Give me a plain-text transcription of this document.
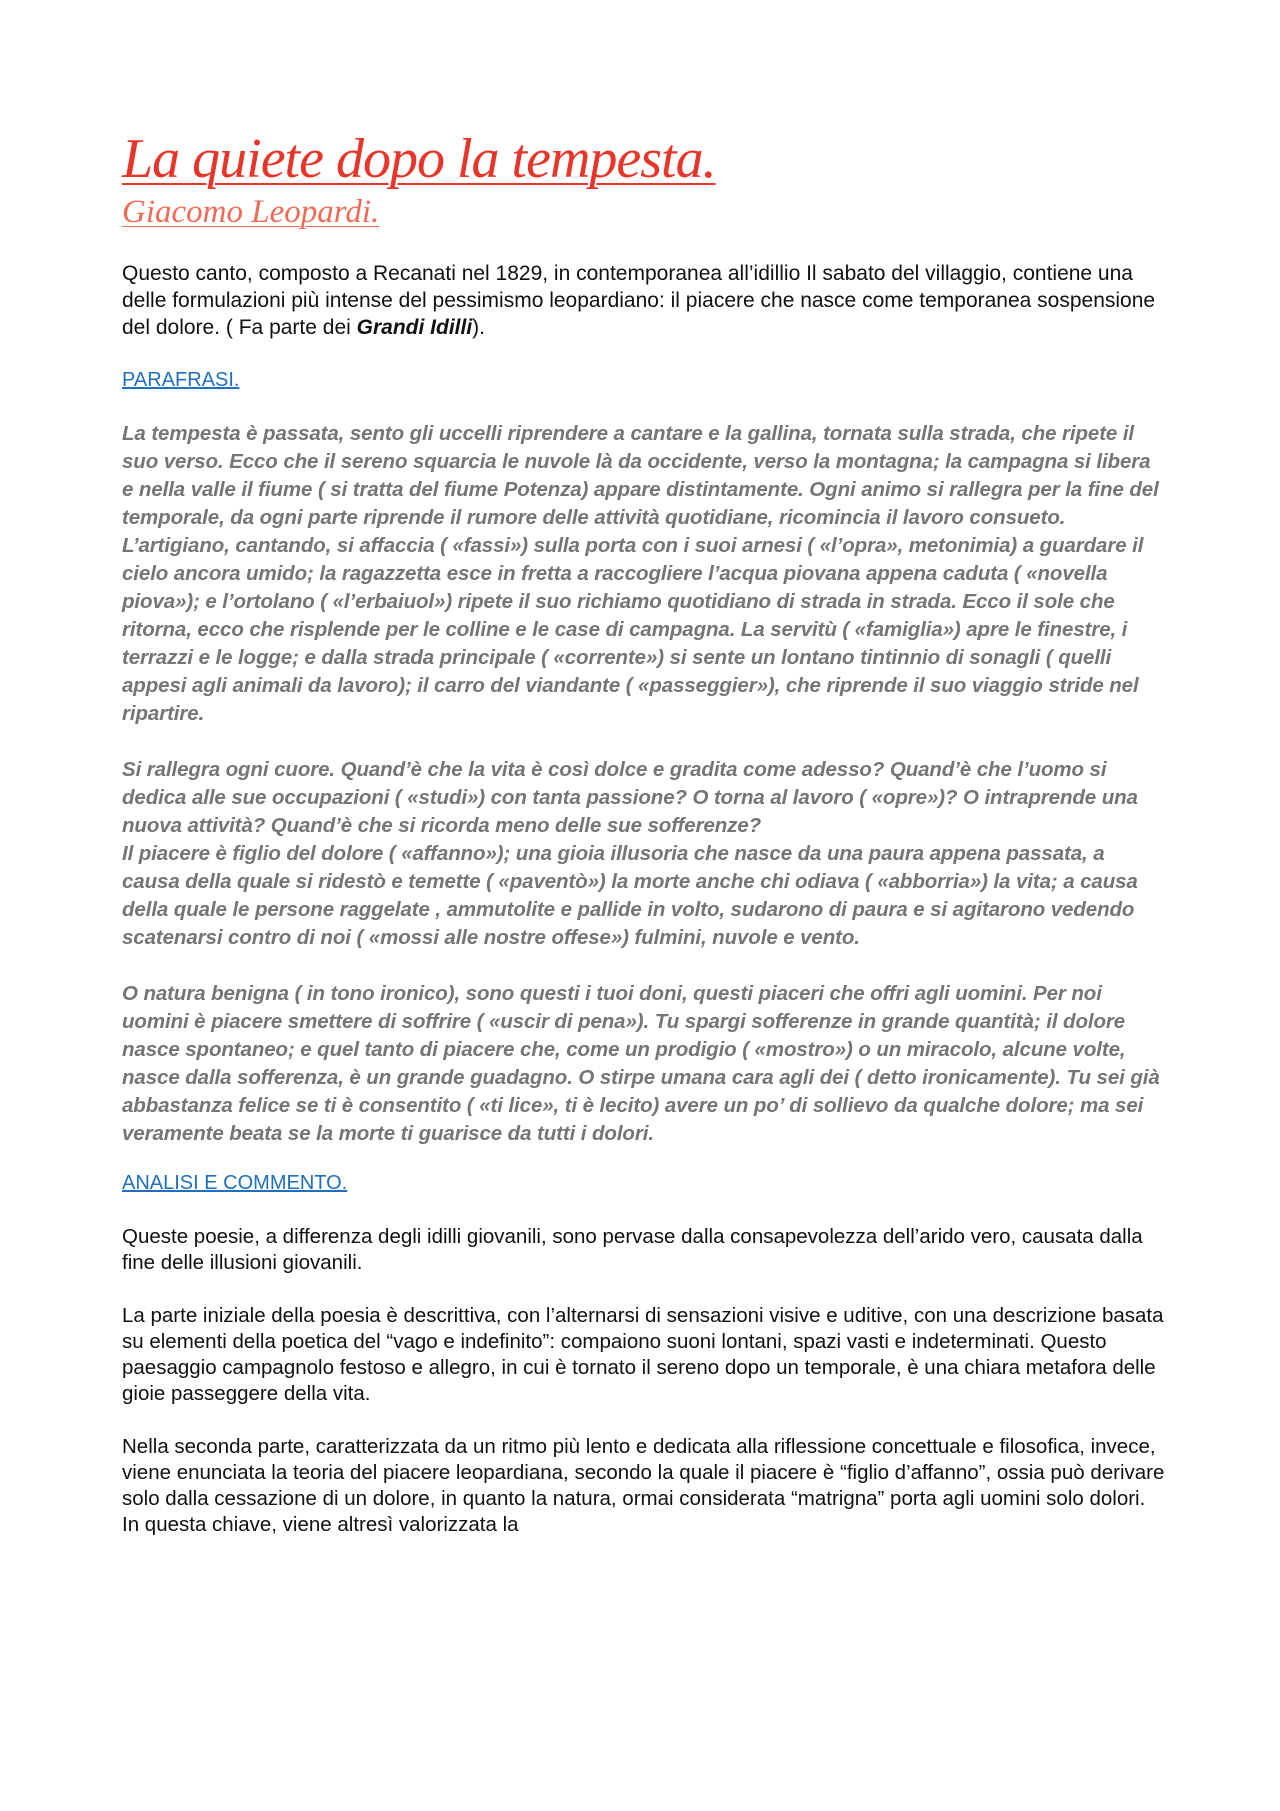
La quiete dopo la tempesta.
Giacomo Leopardi.

Questo canto, composto a Recanati nel 1829, in contemporanea all’idillio Il sabato del villaggio, contiene una delle formulazioni più intense del pessimismo leopardiano: il piacere che nasce come temporanea sospensione del dolore. ( Fa parte dei Grandi Idilli).

PARAFRASI.

La tempesta è passata, sento gli uccelli riprendere a cantare e la gallina, tornata sulla strada, che ripete il suo verso. Ecco che il sereno squarcia le nuvole là da occidente, verso la montagna; la campagna si libera e nella valle il fiume ( si tratta del fiume Potenza) appare distintamente. Ogni animo si rallegra per la fine del temporale, da ogni parte riprende il rumore delle attività quotidiane, ricomincia il lavoro consueto. L’artigiano, cantando, si affaccia ( «fassi») sulla porta con i suoi arnesi ( «l’opra», metonimia) a guardare il cielo ancora umido; la ragazzetta esce in fretta a raccogliere l’acqua piovana appena caduta ( «novella piova»); e l’ortolano ( «l’erbaiuol») ripete il suo richiamo quotidiano di strada in strada. Ecco il sole che ritorna, ecco che risplende per le colline e le case di campagna. La servitù ( «famiglia») apre le finestre, i terrazzi e le logge; e dalla strada principale ( «corrente») si sente un lontano tintinnio di sonagli ( quelli appesi agli animali da lavoro); il carro del viandante ( «passeggier»), che riprende il suo viaggio stride nel ripartire.

Si rallegra ogni cuore. Quand’è che la vita è così dolce e gradita come adesso? Quand’è che l’uomo si dedica alle sue occupazioni ( «studi») con tanta passione? O torna al lavoro ( «opre»)? O intraprende una nuova attività? Quand’è che si ricorda meno delle sue sofferenze?
Il piacere è figlio del dolore ( «affanno»); una gioia illusoria che nasce da una paura appena passata, a causa della quale si ridestò e temette ( «paventò») la morte anche chi odiava ( «abborria») la vita; a causa della quale le persone raggelate , ammutolite e pallide in volto, sudarono di paura e si agitarono vedendo scatenarsi contro di noi ( «mossi alle nostre offese») fulmini, nuvole e vento.

O natura benigna ( in tono ironico), sono questi i tuoi doni, questi piaceri che offri agli uomini. Per noi uomini è piacere smettere di soffrire ( «uscir di pena»). Tu spargi sofferenze in grande quantità; il dolore nasce spontaneo; e quel tanto di piacere che, come un prodigio ( «mostro») o un miracolo, alcune volte, nasce dalla sofferenza, è un grande guadagno. O stirpe umana cara agli dei ( detto ironicamente). Tu sei già abbastanza felice se ti è consentito ( «ti lice», ti è lecito) avere un po’ di sollievo da qualche dolore; ma sei veramente beata se la morte ti guarisce da tutti i dolori.

ANALISI E COMMENTO.

Queste poesie, a differenza degli idilli giovanili, sono pervase dalla consapevolezza dell’arido vero, causata dalla fine delle illusioni giovanili.

La parte iniziale della poesia è descrittiva, con l’alternarsi di sensazioni visive e uditive, con una descrizione basata su elementi della poetica del “vago e indefinito”: compaiono suoni lontani, spazi vasti e indeterminati. Questo paesaggio campagnolo festoso e allegro, in cui è tornato il sereno dopo un temporale, è una chiara metafora delle gioie passeggere della vita.

Nella seconda parte, caratterizzata da un ritmo più lento e dedicata alla riflessione concettuale e filosofica, invece, viene enunciata la teoria del piacere leopardiana, secondo la quale il piacere è “figlio d’affanno”, ossia può derivare solo dalla cessazione di un dolore, in quanto la natura, ormai considerata “matrigna” porta agli uomini solo dolori. In questa chiave, viene altresì valorizzata la
